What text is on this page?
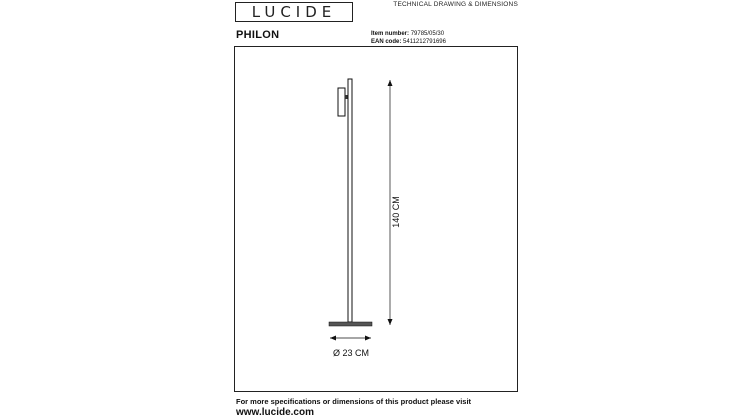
LUCIDE	TECHNICAL DRAWING & DIMENSIONS
PHILON	Item number: 79785/05/30
EAN code: 5411212791696
140 CM
Ø 23 CM
For more specifications or dimensions of this product please visit
www.lucide.com
